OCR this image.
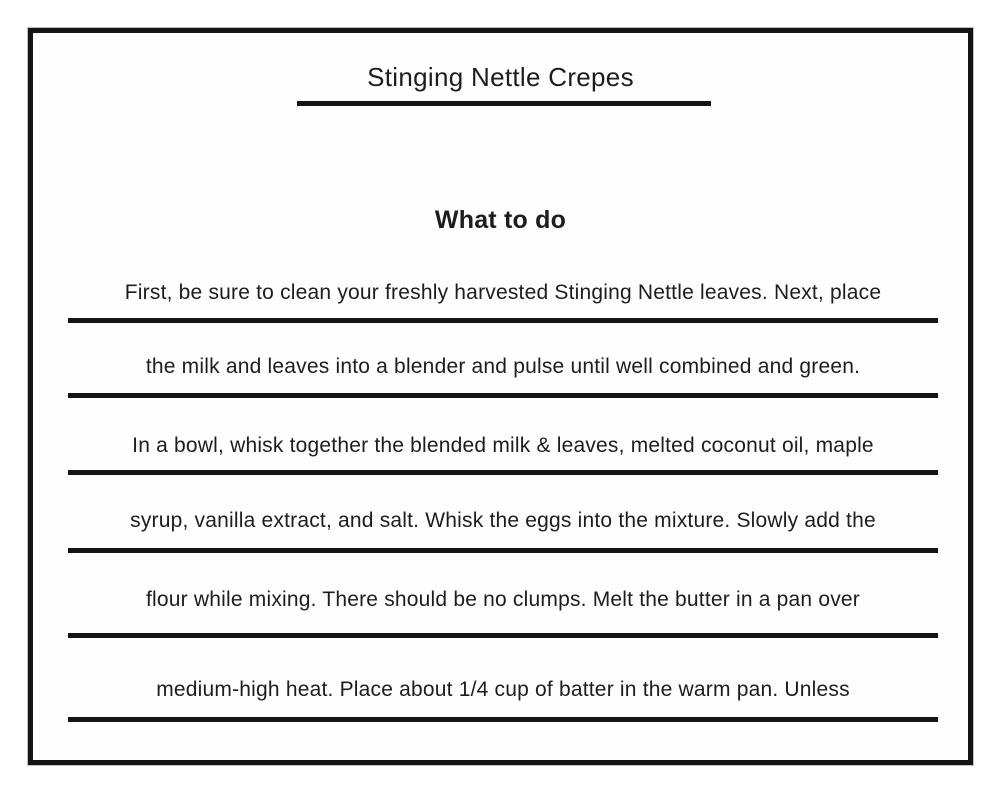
Stinging Nettle Crepes
What to do
First, be sure to clean your freshly harvested Stinging Nettle leaves. Next, place
the milk and leaves into a blender and pulse until well combined and green.
In a bowl, whisk together the blended milk & leaves, melted coconut oil, maple
syrup, vanilla extract, and salt. Whisk the eggs into the mixture. Slowly add the
flour while mixing. There should be no clumps. Melt the butter in a pan over
medium-high heat. Place about 1/4 cup of batter in the warm pan. Unless
